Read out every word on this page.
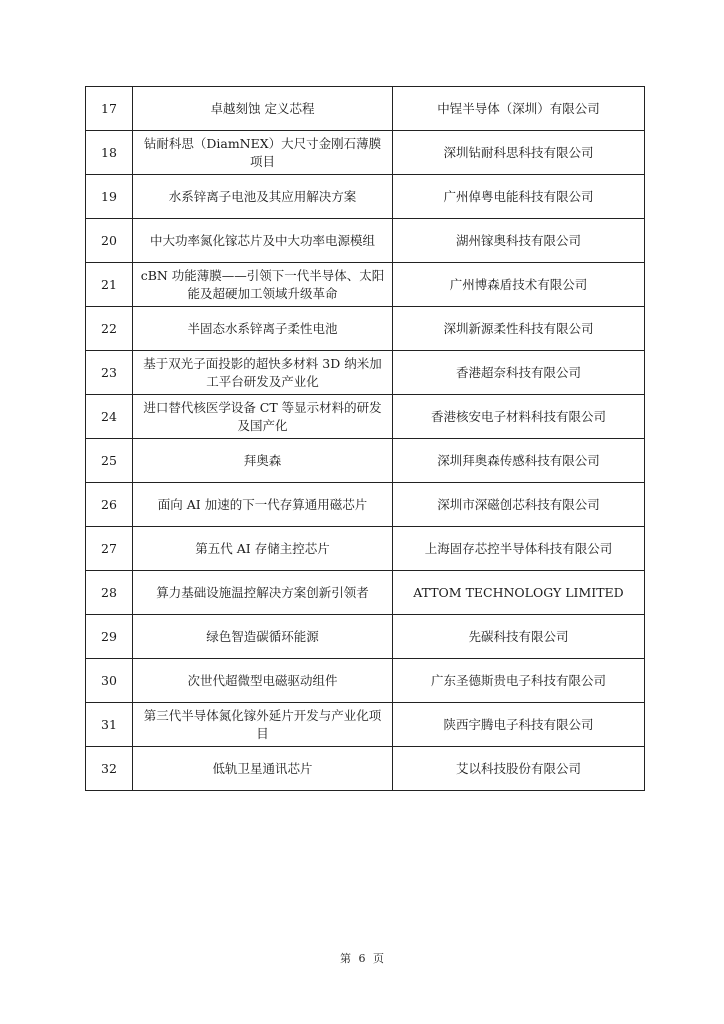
17	卓越刻蚀 定义芯程	中锃半导体（深圳）有限公司
18	钻耐科思（DiamNEX）大尺寸金刚石薄膜项目	深圳钻耐科思科技有限公司
19	水系锌离子电池及其应用解决方案	广州倬粤电能科技有限公司
20	中大功率氮化镓芯片及中大功率电源模组	湖州镓奥科技有限公司
21	cBN 功能薄膜——引领下一代半导体、太阳能及超硬加工领域升级革命	广州博森盾技术有限公司
22	半固态水系锌离子柔性电池	深圳新源柔性科技有限公司
23	基于双光子面投影的超快多材料 3D 纳米加工平台研发及产业化	香港超奈科技有限公司
24	进口替代核医学设备 CT 等显示材料的研发及国产化	香港核安电子材料科技有限公司
25	拜奥森	深圳拜奥森传感科技有限公司
26	面向 AI 加速的下一代存算通用磁芯片	深圳市深磁创芯科技有限公司
27	第五代 AI 存储主控芯片	上海固存芯控半导体科技有限公司
28	算力基础设施温控解决方案创新引领者	ATTOM TECHNOLOGY LIMITED
29	绿色智造碳循环能源	先碳科技有限公司
30	次世代超微型电磁驱动组件	广东圣德斯贵电子科技有限公司
31	第三代半导体氮化镓外延片开发与产业化项目	陕西宇腾电子科技有限公司
32	低轨卫星通讯芯片	艾以科技股份有限公司
第 6 页
